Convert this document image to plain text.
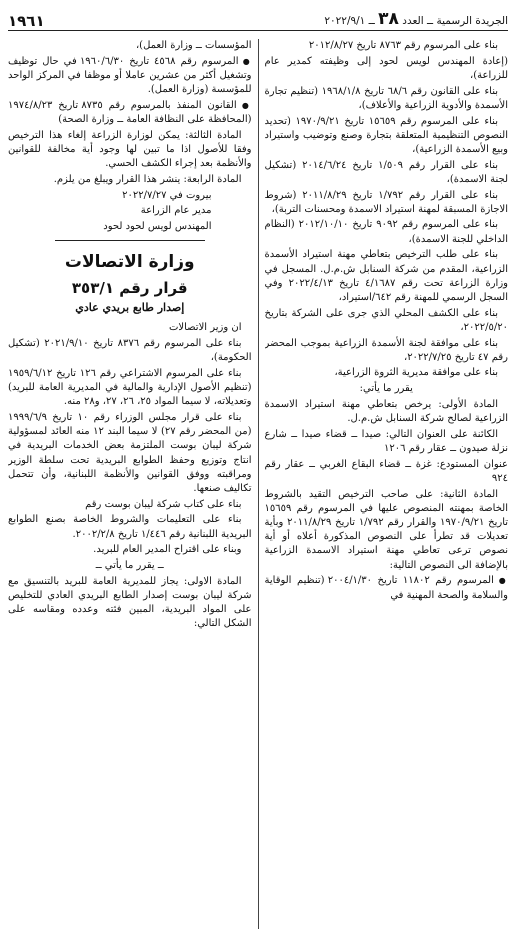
الجريدة الرسمية ــ العدد ٣٨ ــ ٢٠٢٢/٩/١
١٩٦١

بناء على المرسوم رقم ٨٧٦٣ تاريخ ٢٠١٢/٨/٢٧

(إعادة المهندس لويس لحود إلى وظيفته كمدير عام للزراعة)،

بناء على القانون رقم ٦٨/٦ تاريخ ١٩٦٨/١/٨ (تنظيم تجارة الأسمدة والأدوية الزراعية والأعلاف)،

بناء على المرسوم رقم ١٥٦٥٩ تاريخ ١٩٧٠/٩/٢١ (تحديد النصوص التنظيمية المتعلقة بتجارة وصنع وتوضيب واستيراد وبيع الأسمدة الزراعية)،

بناء على القرار رقم ١/٥٠٩ تاريخ ٢٠١٤/٦/٢٤ (تشكيل لجنة الاسمدة)،

بناء على القرار رقم ١/٧٩٢ تاريخ ٢٠١١/٨/٢٩ (شروط الاجازة المسبقة لمهنة استيراد الاسمدة ومحسنات التربة)،

بناء على المرسوم رقم ٩٠٩٢ تاريخ ٢٠١٢/١٠/١٠ (النظام الداخلي للجنة الاسمدة)،

بناء على طلب الترخيص بتعاطي مهنة استيراد الأسمدة الزراعية، المقدم من شركة السنابل ش.م.ل. المسجل في وزارة الزراعة تحت رقم ٤/١٦٨٧ تاريخ ٢٠٢٢/٤/١٣ وفي السجل الرسمي للمهنة رقم ٦٤٢/استيراد،

بناء على الكشف المحلي الذي جرى على الشركة بتاريخ ٢٠٢٢/٥/٢٠،

بناء على موافقة لجنة الأسمدة الزراعية بموجب المحضر رقم ٤٧ تاريخ ٢٠٢٢/٧/٢٥،

بناء على موافقة مديرية الثروة الزراعية،

يقرر ما يأتي:

المادة الأولى: يرخص بتعاطي مهنة استيراد الاسمدة الزراعية لصالح شركة السنابل ش.م.ل.

الكائنة على العنوان التالي: صيدا ــ قضاء صيدا ــ شارع نزلة صيدون ــ عقار رقم ١٢٠٦

عنوان المستودع: غزة ــ قضاء البقاع الغربي ــ عقار رقم ٩٢٤

المادة الثانية: على صاحب الترخيص التقيد بالشروط الخاصة بمهنته المنصوص عليها في المرسوم رقم ١٥٦٥٩ تاريخ ١٩٧٠/٩/٢١ والقرار رقم ١/٧٩٢ تاريخ ٢٠١١/٨/٢٩ وبأية تعديلات قد تطرأ على النصوص المذكورة أعلاه أو أية نصوص ترعى تعاطي مهنة استيراد الاسمدة الزراعية بالإضافة الى النصوص التالية:

● المرسوم رقم ١١٨٠٢ تاريخ ٢٠٠٤/١/٣٠ (تنظيم الوقاية والسلامة والصحة المهنية في

المؤسسات ــ وزارة العمل)،

● المرسوم رقم ٤٥٦٨ تاريخ ١٩٦٠/٦/٣٠ في حال توظيف وتشغيل أكثر من عشرين عاملا أو موظفا في المركز الواحد للمؤسسة (وزارة العمل).

● القانون المنفذ بالمرسوم رقم ٨٧٣٥ تاريخ ١٩٧٤/٨/٢٣ (المحافظة على النظافة العامة ــ وزارة الصحة)

المادة الثالثة: يمكن لوزارة الزراعة إلغاء هذا الترخيص وفقا للأصول اذا ما تبين لها وجود أية مخالفة للقوانين والأنظمة بعد إجراء الكشف الحسي.

المادة الرابعة: ينشر هذا القرار ويبلغ من يلزم.

بيروت في ٢٠٢٢/٧/٢٧

مدير عام الزراعة

المهندس لويس لحود لحود

وزارة الاتصالات
قرار رقم ٣٥٣/١
إصدار طابع بريدي عادي

ان وزير الاتصالات

بناء على المرسوم رقم ٨٣٧٦ تاريخ ٢٠٢١/٩/١٠ (تشكيل الحكومة)،

بناء على المرسوم الاشتراعي رقم ١٢٦ تاريخ ١٩٥٩/٦/١٢ (تنظيم الأصول الإدارية والمالية في المديرية العامة للبريد) وتعديلاته، لا سيما المواد ٢٥، ٢٦، ٢٧، و٢٨ منه.

بناء على قرار مجلس الوزراء رقم ١٠ تاريخ ١٩٩٩/٦/٩ (من المحضر رقم ٢٧) لا سيما البند ١٢ منه العائد لمسؤولية شركة ليبان بوست الملتزمة بعض الخدمات البريدية في انتاج وتوزيع وحفظ الطوابع البريدية تحت سلطة الوزير ومراقبته ووفق القوانين والأنظمة اللبنانية، وأن تتحمل تكاليف صنعها.

بناء على كتاب شركة ليبان بوست رقم

بناء على التعليمات والشروط الخاصة بصنع الطوابع البريدية اللبنانية رقم ١/٤٤٦ تاريخ ٢٠٠٢/٢/٨.

وبناء على اقتراح المدير العام للبريد.

ــ يقرر ما يأتي ــ

المادة الاولى: يجاز للمديرية العامة للبريد بالتنسيق مع شركة ليبان بوست إصدار الطابع البريدي العادي للتخليص على المواد البريدية، المبين فئته وعدده ومقاسه على الشكل التالي:
